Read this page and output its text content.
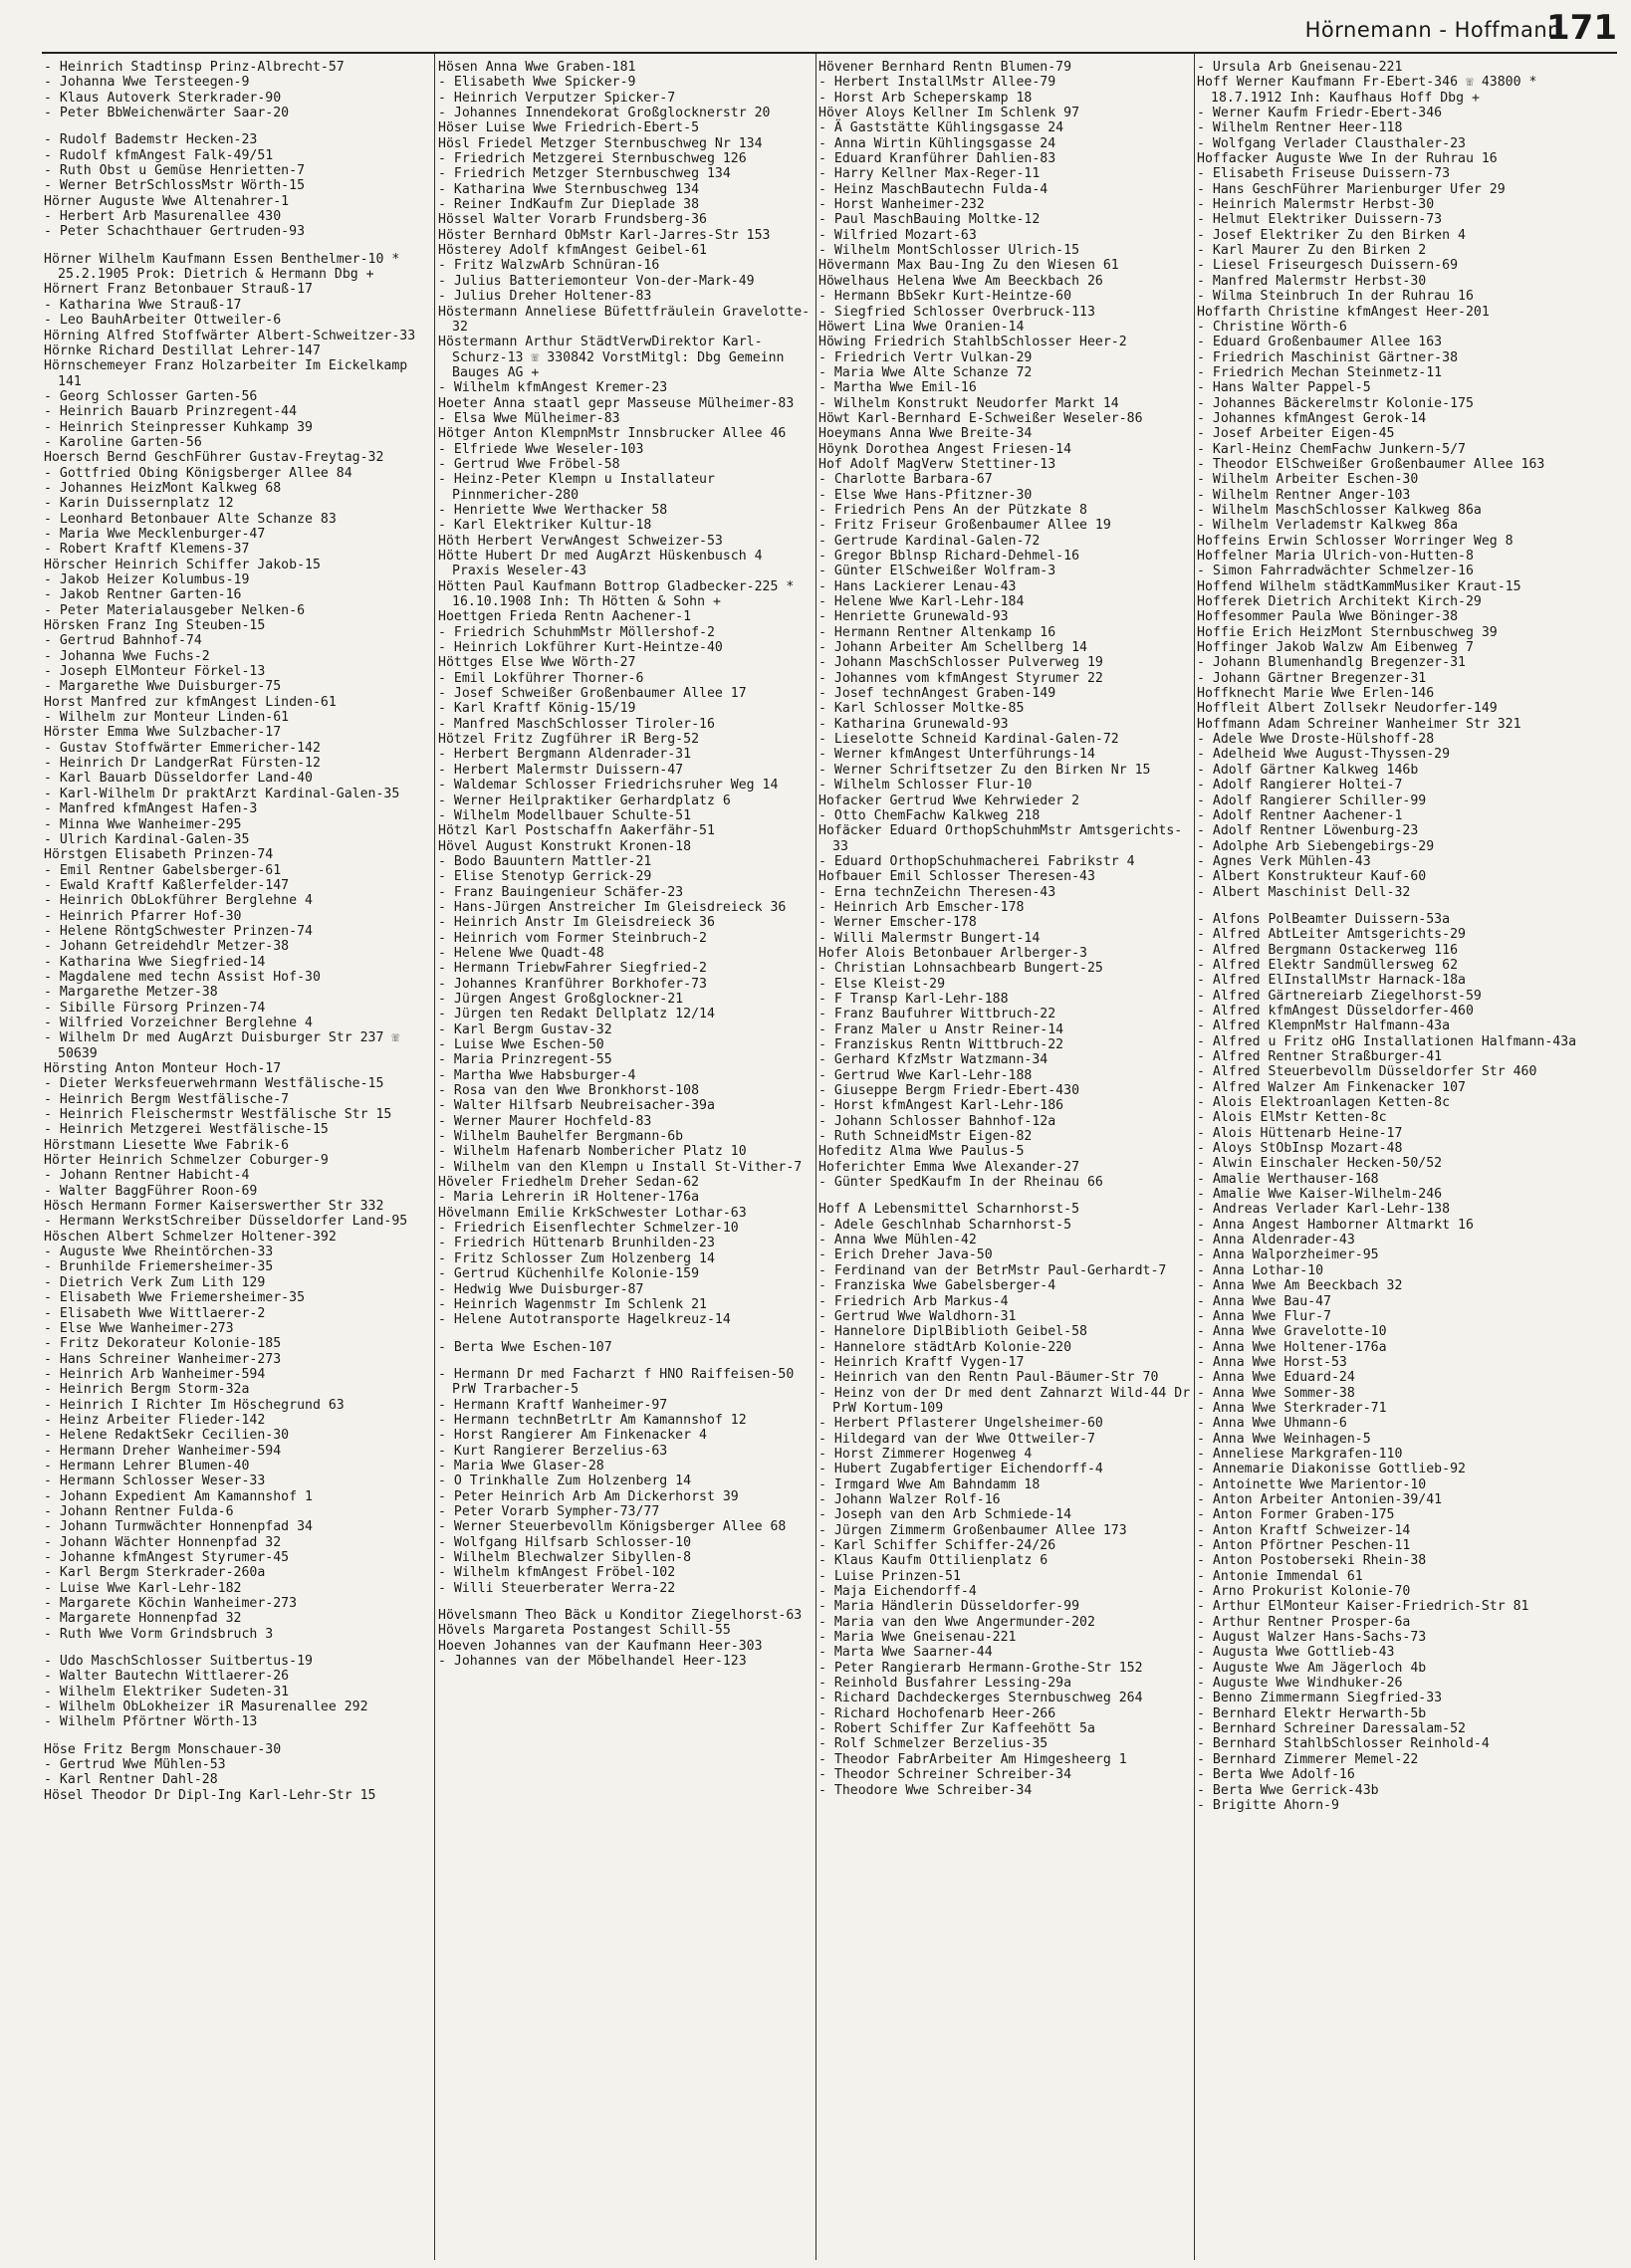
Hörnemann - Hoffmann
171

- Heinrich Stadtinsp Prinz-Albrecht-57

- Johanna Wwe Tersteegen-9

- Klaus Autoverk Sterkrader-90

- Peter BbWeichenwärter Saar-20

- Rudolf Bademstr Hecken-23

- Rudolf kfmAngest Falk-49/51

- Ruth Obst u Gemüse Henrietten-7

- Werner BetrSchlossMstr Wörth-15

Hörner Auguste Wwe Altenahrer-1

- Herbert Arb Masurenallee 430

- Peter Schachthauer Gertruden-93

Hörner Wilhelm Kaufmann Essen Benthelmer-10 * 25.2.1905 Prok: Dietrich & Hermann Dbg +

Hörnert Franz Betonbauer Strauß-17

- Katharina Wwe Strauß-17

- Leo BauhArbeiter Ottweiler-6

Hörning Alfred Stoffwärter Albert-Schweitzer-33

Hörnke Richard Destillat Lehrer-147

Hörnschemeyer Franz Holzarbeiter Im Eickelkamp 141

- Georg Schlosser Garten-56

- Heinrich Bauarb Prinzregent-44

- Heinrich Steinpresser Kuhkamp 39

- Karoline Garten-56

Hoersch Bernd GeschFührer Gustav-Freytag-32

- Gottfried Obing Königsberger Allee 84

- Johannes HeizMont Kalkweg 68

- Karin Duissernplatz 12

- Leonhard Betonbauer Alte Schanze 83

- Maria Wwe Mecklenburger-47

- Robert Kraftf Klemens-37

Hörscher Heinrich Schiffer Jakob-15

- Jakob Heizer Kolumbus-19

- Jakob Rentner Garten-16

- Peter Materialausgeber Nelken-6

Hörsken Franz Ing Steuben-15

- Gertrud Bahnhof-74

- Johanna Wwe Fuchs-2

- Joseph ElMonteur Förkel-13

- Margarethe Wwe Duisburger-75

Horst Manfred zur kfmAngest Linden-61

- Wilhelm zur Monteur Linden-61

Hörster Emma Wwe Sulzbacher-17

- Gustav Stoffwärter Emmericher-142

- Heinrich Dr LandgerRat Fürsten-12

- Karl Bauarb Düsseldorfer Land-40

- Karl-Wilhelm Dr praktArzt Kardinal-Galen-35

- Manfred kfmAngest Hafen-3

- Minna Wwe Wanheimer-295

- Ulrich Kardinal-Galen-35

Hörstgen Elisabeth Prinzen-74

- Emil Rentner Gabelsberger-61

- Ewald Kraftf Kaßlerfelder-147

- Heinrich ObLokführer Berglehne 4

- Heinrich Pfarrer Hof-30

- Helene RöntgSchwester Prinzen-74

- Johann Getreidehdlr Metzer-38

- Katharina Wwe Siegfried-14

- Magdalene med techn Assist Hof-30

- Margarethe Metzer-38

- Sibille Fürsorg Prinzen-74

- Wilfried Vorzeichner Berglehne 4

- Wilhelm Dr med AugArzt Duisburger Str 237 ☏ 50639

Hörsting Anton Monteur Hoch-17

- Dieter Werksfeuerwehrmann Westfälische-15

- Heinrich Bergm Westfälische-7

- Heinrich Fleischermstr Westfälische Str 15

- Heinrich Metzgerei Westfälische-15

Hörstmann Liesette Wwe Fabrik-6

Hörter Heinrich Schmelzer Coburger-9

- Johann Rentner Habicht-4

- Walter BaggFührer Roon-69

Hösch Hermann Former Kaiserswerther Str 332

- Hermann WerkstSchreiber Düsseldorfer Land-95

Höschen Albert Schmelzer Holtener-392

- Auguste Wwe Rheintörchen-33

- Brunhilde Friemersheimer-35

- Dietrich Verk Zum Lith 129

- Elisabeth Wwe Friemersheimer-35

- Elisabeth Wwe Wittlaerer-2

- Else Wwe Wanheimer-273

- Fritz Dekorateur Kolonie-185

- Hans Schreiner Wanheimer-273

- Heinrich Arb Wanheimer-594

- Heinrich Bergm Storm-32a

- Heinrich I Richter Im Höschegrund 63

- Heinz Arbeiter Flieder-142

- Helene RedaktSekr Cecilien-30

- Hermann Dreher Wanheimer-594

- Hermann Lehrer Blumen-40

- Hermann Schlosser Weser-33

- Johann Expedient Am Kamannshof 1

- Johann Rentner Fulda-6

- Johann Turmwächter Honnenpfad 34

- Johann Wächter Honnenpfad 32

- Johanne kfmAngest Styrumer-45

- Karl Bergm Sterkrader-260a

- Luise Wwe Karl-Lehr-182

- Margarete Köchin Wanheimer-273

- Margarete Honnenpfad 32

- Ruth Wwe Vorm Grindsbruch 3

- Udo MaschSchlosser Suitbertus-19

- Walter Bautechn Wittlaerer-26

- Wilhelm Elektriker Sudeten-31

- Wilhelm ObLokheizer iR Masurenallee 292

- Wilhelm Pförtner Wörth-13

Höse Fritz Bergm Monschauer-30

- Gertrud Wwe Mühlen-53

- Karl Rentner Dahl-28

Hösel Theodor Dr Dipl-Ing Karl-Lehr-Str 15

Hösen Anna Wwe Graben-181

- Elisabeth Wwe Spicker-9

- Heinrich Verputzer Spicker-7

- Johannes Innendekorat Großglocknerstr 20

Höser Luise Wwe Friedrich-Ebert-5

Hösl Friedel Metzger Sternbuschweg Nr 134

- Friedrich Metzgerei Sternbuschweg 126

- Friedrich Metzger Sternbuschweg 134

- Katharina Wwe Sternbuschweg 134

- Reiner IndKaufm Zur Dieplade 38

Hössel Walter Vorarb Frundsberg-36

Höster Bernhard ObMstr Karl-Jarres-Str 153

Hösterey Adolf kfmAngest Geibel-61

- Fritz WalzwArb Schnüran-16

- Julius Batteriemonteur Von-der-Mark-49

- Julius Dreher Holtener-83

Höstermann Anneliese Büfettfräulein Gravelotte-32

Höstermann Arthur StädtVerwDirektor Karl-Schurz-13 ☏ 330842 VorstMitgl: Dbg Gemeinn Bauges AG +

- Wilhelm kfmAngest Kremer-23

Hoeter Anna staatl gepr Masseuse Mülheimer-83

- Elsa Wwe Mülheimer-83

Hötger Anton KlempnMstr Innsbrucker Allee 46

- Elfriede Wwe Weseler-103

- Gertrud Wwe Fröbel-58

- Heinz-Peter Klempn u Installateur Pinnmericher-280

- Henriette Wwe Werthacker 58

- Karl Elektriker Kultur-18

Höth Herbert VerwAngest Schweizer-53

Hötte Hubert Dr med AugArzt Hüskenbusch 4 Praxis Weseler-43

Hötten Paul Kaufmann Bottrop Gladbecker-225 * 16.10.1908 Inh: Th Hötten & Sohn +

Hoettgen Frieda Rentn Aachener-1

- Friedrich SchuhmMstr Möllershof-2

- Heinrich Lokführer Kurt-Heintze-40

Höttges Else Wwe Wörth-27

- Emil Lokführer Thorner-6

- Josef Schweißer Großenbaumer Allee 17

- Karl Kraftf König-15/19

- Manfred MaschSchlosser Tiroler-16

Hötzel Fritz Zugführer iR Berg-52

- Herbert Bergmann Aldenrader-31

- Herbert Malermstr Duissern-47

- Waldemar Schlosser Friedrichsruher Weg 14

- Werner Heilpraktiker Gerhardplatz 6

- Wilhelm Modellbauer Schulte-51

Hötzl Karl Postschaffn Aakerfähr-51

Hövel August Konstrukt Kronen-18

- Bodo Bauuntern Mattler-21

- Elise Stenotyp Gerrick-29

- Franz Bauingenieur Schäfer-23

- Hans-Jürgen Anstreicher Im Gleisdreieck 36

- Heinrich Anstr Im Gleisdreieck 36

- Heinrich vom Former Steinbruch-2

- Helene Wwe Quadt-48

- Hermann TriebwFahrer Siegfried-2

- Johannes Kranführer Borkhofer-73

- Jürgen Angest Großglockner-21

- Jürgen ten Redakt Dellplatz 12/14

- Karl Bergm Gustav-32

- Luise Wwe Eschen-50

- Maria Prinzregent-55

- Martha Wwe Habsburger-4

- Rosa van den Wwe Bronkhorst-108

- Walter Hilfsarb Neubreisacher-39a

- Werner Maurer Hochfeld-83

- Wilhelm Bauhelfer Bergmann-6b

- Wilhelm Hafenarb Nombericher Platz 10

- Wilhelm van den Klempn u Install St-Vither-7

Höveler Friedhelm Dreher Sedan-62

- Maria Lehrerin iR Holtener-176a

Hövelmann Emilie KrkSchwester Lothar-63

- Friedrich Eisenflechter Schmelzer-10

- Friedrich Hüttenarb Brunhilden-23

- Fritz Schlosser Zum Holzenberg 14

- Gertrud Küchenhilfe Kolonie-159

- Hedwig Wwe Duisburger-87

- Heinrich Wagenmstr Im Schlenk 21

- Helene Autotransporte Hagelkreuz-14

- Berta Wwe Eschen-107

- Hermann Dr med Facharzt f HNO Raiffeisen-50 PrW Trarbacher-5

- Hermann Kraftf Wanheimer-97

- Hermann technBetrLtr Am Kamannshof 12

- Horst Rangierer Am Finkenacker 4

- Kurt Rangierer Berzelius-63

- Maria Wwe Glaser-28

- O Trinkhalle Zum Holzenberg 14

- Peter Heinrich Arb Am Dickerhorst 39

- Peter Vorarb Sympher-73/77

- Werner Steuerbevollm Königsberger Allee 68

- Wolfgang Hilfsarb Schlosser-10

- Wilhelm Blechwalzer Sibyllen-8

- Wilhelm kfmAngest Fröbel-102

- Willi Steuerberater Werra-22

Hövelsmann Theo Bäck u Konditor Ziegelhorst-63

Hövels Margareta Postangest Schill-55

Hoeven Johannes van der Kaufmann Heer-303

- Johannes van der Möbelhandel Heer-123

Hövener Bernhard Rentn Blumen-79

- Herbert InstallMstr Allee-79

- Horst Arb Scheperskamp 18

Höver Aloys Kellner Im Schlenk 97

- Ä Gaststätte Kühlingsgasse 24

- Anna Wirtin Kühlingsgasse 24

- Eduard Kranführer Dahlien-83

- Harry Kellner Max-Reger-11

- Heinz MaschBautechn Fulda-4

- Horst Wanheimer-232

- Paul MaschBauing Moltke-12

- Wilfried Mozart-63

- Wilhelm MontSchlosser Ulrich-15

Hövermann Max Bau-Ing Zu den Wiesen 61

Höwelhaus Helena Wwe Am Beeckbach 26

- Hermann BbSekr Kurt-Heintze-60

- Siegfried Schlosser Overbruck-113

Höwert Lina Wwe Oranien-14

Höwing Friedrich StahlbSchlosser Heer-2

- Friedrich Vertr Vulkan-29

- Maria Wwe Alte Schanze 72

- Martha Wwe Emil-16

- Wilhelm Konstrukt Neudorfer Markt 14

Höwt Karl-Bernhard E-Schweißer Weseler-86

Hoeymans Anna Wwe Breite-34

Höynk Dorothea Angest Friesen-14

Hof Adolf MagVerw Stettiner-13

- Charlotte Barbara-67

- Else Wwe Hans-Pfitzner-30

- Friedrich Pens An der Pützkate 8

- Fritz Friseur Großenbaumer Allee 19

- Gertrude Kardinal-Galen-72

- Gregor Bblnsp Richard-Dehmel-16

- Günter ElSchweißer Wolfram-3

- Hans Lackierer Lenau-43

- Helene Wwe Karl-Lehr-184

- Henriette Grunewald-93

- Hermann Rentner Altenkamp 16

- Johann Arbeiter Am Schellberg 14

- Johann MaschSchlosser Pulverweg 19

- Johannes vom kfmAngest Styrumer 22

- Josef technAngest Graben-149

- Karl Schlosser Moltke-85

- Katharina Grunewald-93

- Lieselotte Schneid Kardinal-Galen-72

- Werner kfmAngest Unterführungs-14

- Werner Schriftsetzer Zu den Birken Nr 15

- Wilhelm Schlosser Flur-10

Hofacker Gertrud Wwe Kehrwieder 2

- Otto ChemFachw Kalkweg 218

Hofäcker Eduard OrthopSchuhmMstr Amtsgerichts-33

- Eduard OrthopSchuhmacherei Fabrikstr 4

Hofbauer Emil Schlosser Theresen-43

- Erna technZeichn Theresen-43

- Heinrich Arb Emscher-178

- Werner Emscher-178

- Willi Malermstr Bungert-14

Hofer Alois Betonbauer Arlberger-3

- Christian Lohnsachbearb Bungert-25

- Else Kleist-29

- F Transp Karl-Lehr-188

- Franz Baufuhrer Wittbruch-22

- Franz Maler u Anstr Reiner-14

- Franziskus Rentn Wittbruch-22

- Gerhard KfzMstr Watzmann-34

- Gertrud Wwe Karl-Lehr-188

- Giuseppe Bergm Friedr-Ebert-430

- Horst kfmAngest Karl-Lehr-186

- Johann Schlosser Bahnhof-12a

- Ruth SchneidMstr Eigen-82

Hofeditz Alma Wwe Paulus-5

Hoferichter Emma Wwe Alexander-27

- Günter SpedKaufm In der Rheinau 66

Hoff A Lebensmittel Scharnhorst-5

- Adele Geschlnhab Scharnhorst-5

- Anna Wwe Mühlen-42

- Erich Dreher Java-50

- Ferdinand van der BetrMstr Paul-Gerhardt-7

- Franziska Wwe Gabelsberger-4

- Friedrich Arb Markus-4

- Gertrud Wwe Waldhorn-31

- Hannelore DiplBiblioth Geibel-58

- Hannelore städtArb Kolonie-220

- Heinrich Kraftf Vygen-17

- Heinrich van den Rentn Paul-Bäumer-Str 70

- Heinz von der Dr med dent Zahnarzt Wild-44 Dr PrW Kortum-109

- Herbert Pflasterer Ungelsheimer-60

- Hildegard van der Wwe Ottweiler-7

- Horst Zimmerer Hogenweg 4

- Hubert Zugabfertiger Eichendorff-4

- Irmgard Wwe Am Bahndamm 18

- Johann Walzer Rolf-16

- Joseph van den Arb Schmiede-14

- Jürgen Zimmerm Großenbaumer Allee 173

- Karl Schiffer Schiffer-24/26

- Klaus Kaufm Ottilienplatz 6

- Luise Prinzen-51

- Maja Eichendorff-4

- Maria Händlerin Düsseldorfer-99

- Maria van den Wwe Angermunder-202

- Maria Wwe Gneisenau-221

- Marta Wwe Saarner-44

- Peter Rangierarb Hermann-Grothe-Str 152

- Reinhold Busfahrer Lessing-29a

- Richard Dachdeckerges Sternbuschweg 264

- Richard Hochofenarb Heer-266

- Robert Schiffer Zur Kaffeehött 5a

- Rolf Schmelzer Berzelius-35

- Theodor FabrArbeiter Am Himgesheerg 1

- Theodor Schreiner Schreiber-34

- Theodore Wwe Schreiber-34

- Ursula Arb Gneisenau-221

Hoff Werner Kaufmann Fr-Ebert-346 ☏ 43800 * 18.7.1912 Inh: Kaufhaus Hoff Dbg +

- Werner Kaufm Friedr-Ebert-346

- Wilhelm Rentner Heer-118

- Wolfgang Verlader Clausthaler-23

Hoffacker Auguste Wwe In der Ruhrau 16

- Elisabeth Friseuse Duissern-73

- Hans GeschFührer Marienburger Ufer 29

- Heinrich Malermstr Herbst-30

- Helmut Elektriker Duissern-73

- Josef Elektriker Zu den Birken 4

- Karl Maurer Zu den Birken 2

- Liesel Friseurgesch Duissern-69

- Manfred Malermstr Herbst-30

- Wilma Steinbruch In der Ruhrau 16

Hoffarth Christine kfmAngest Heer-201

- Christine Wörth-6

- Eduard Großenbaumer Allee 163

- Friedrich Maschinist Gärtner-38

- Friedrich Mechan Steinmetz-11

- Hans Walter Pappel-5

- Johannes Bäckerelmstr Kolonie-175

- Johannes kfmAngest Gerok-14

- Josef Arbeiter Eigen-45

- Karl-Heinz ChemFachw Junkern-5/7

- Theodor ElSchweißer Großenbaumer Allee 163

- Wilhelm Arbeiter Eschen-30

- Wilhelm Rentner Anger-103

- Wilhelm MaschSchlosser Kalkweg 86a

- Wilhelm Verlademstr Kalkweg 86a

Hoffeins Erwin Schlosser Worringer Weg 8

Hoffelner Maria Ulrich-von-Hutten-8

- Simon Fahrradwächter Schmelzer-16

Hoffend Wilhelm städtKammMusiker Kraut-15

Hofferek Dietrich Architekt Kirch-29

Hoffesommer Paula Wwe Böninger-38

Hoffie Erich HeizMont Sternbuschweg 39

Hoffinger Jakob Walzw Am Eibenweg 7

- Johann Blumenhandlg Bregenzer-31

- Johann Gärtner Bregenzer-31

Hoffknecht Marie Wwe Erlen-146

Hoffleit Albert Zollsekr Neudorfer-149

Hoffmann Adam Schreiner Wanheimer Str 321

- Adele Wwe Droste-Hülshoff-28

- Adelheid Wwe August-Thyssen-29

- Adolf Gärtner Kalkweg 146b

- Adolf Rangierer Holtei-7

- Adolf Rangierer Schiller-99

- Adolf Rentner Aachener-1

- Adolf Rentner Löwenburg-23

- Adolphe Arb Siebengebirgs-29

- Agnes Verk Mühlen-43

- Albert Konstrukteur Kauf-60

- Albert Maschinist Dell-32

- Alfons PolBeamter Duissern-53a

- Alfred AbtLeiter Amtsgerichts-29

- Alfred Bergmann Ostackerweg 116

- Alfred Elektr Sandmüllersweg 62

- Alfred ElInstallMstr Harnack-18a

- Alfred Gärtnereiarb Ziegelhorst-59

- Alfred kfmAngest Düsseldorfer-460

- Alfred KlempnMstr Halfmann-43a

- Alfred u Fritz oHG Installationen Halfmann-43a

- Alfred Rentner Straßburger-41

- Alfred Steuerbevollm Düsseldorfer Str 460

- Alfred Walzer Am Finkenacker 107

- Alois Elektroanlagen Ketten-8c

- Alois ElMstr Ketten-8c

- Alois Hüttenarb Heine-17

- Aloys StObInsp Mozart-48

- Alwin Einschaler Hecken-50/52

- Amalie Werthauser-168

- Amalie Wwe Kaiser-Wilhelm-246

- Andreas Verlader Karl-Lehr-138

- Anna Angest Hamborner Altmarkt 16

- Anna Aldenrader-43

- Anna Walporzheimer-95

- Anna Lothar-10

- Anna Wwe Am Beeckbach 32

- Anna Wwe Bau-47

- Anna Wwe Flur-7

- Anna Wwe Gravelotte-10

- Anna Wwe Holtener-176a

- Anna Wwe Horst-53

- Anna Wwe Eduard-24

- Anna Wwe Sommer-38

- Anna Wwe Sterkrader-71

- Anna Wwe Uhmann-6

- Anna Wwe Weinhagen-5

- Anneliese Markgrafen-110

- Annemarie Diakonisse Gottlieb-92

- Antoinette Wwe Marientor-10

- Anton Arbeiter Antonien-39/41

- Anton Former Graben-175

- Anton Kraftf Schweizer-14

- Anton Pförtner Peschen-11

- Anton Postoberseki Rhein-38

- Antonie Immendal 61

- Arno Prokurist Kolonie-70

- Arthur ElMonteur Kaiser-Friedrich-Str 81

- Arthur Rentner Prosper-6a

- August Walzer Hans-Sachs-73

- Augusta Wwe Gottlieb-43

- Auguste Wwe Am Jägerloch 4b

- Auguste Wwe Windhuker-26

- Benno Zimmermann Siegfried-33

- Bernhard Elektr Herwarth-5b

- Bernhard Schreiner Daressalam-52

- Bernhard StahlbSchlosser Reinhold-4

- Bernhard Zimmerer Memel-22

- Berta Wwe Adolf-16

- Berta Wwe Gerrick-43b

- Brigitte Ahorn-9
